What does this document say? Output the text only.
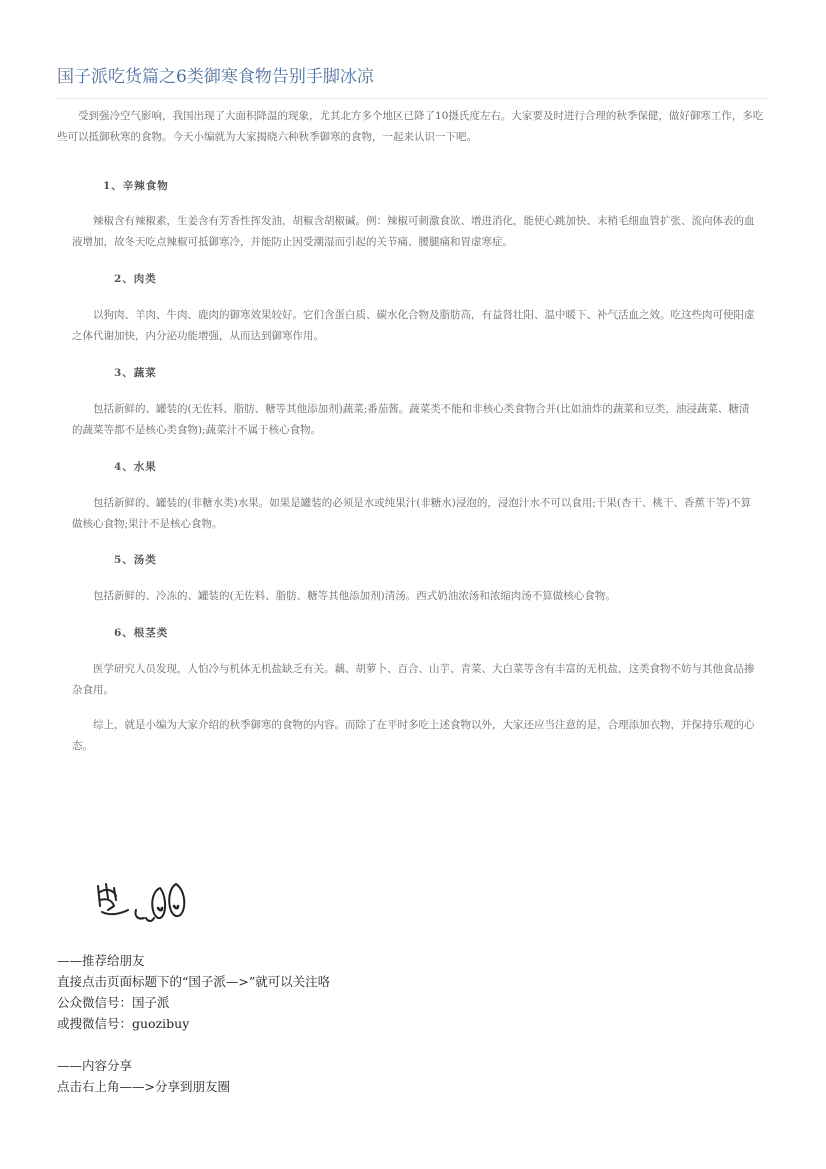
国子派吃货篇之6类御寒食物告别手脚冰凉

受到强冷空气影响，我国出现了大面积降温的现象，尤其北方多个地区已降了10摄氏度左右。大家要及时进行合理的秋季保健，做好御寒工作，多吃些可以抵御秋寒的食物。今天小编就为大家揭晓六种秋季御寒的食物，一起来认识一下吧。

1、辛辣食物

辣椒含有辣椒素，生姜含有芳香性挥发油，胡椒含胡椒碱。例：辣椒可刺激食欲、增进消化，能使心跳加快、末梢毛细血管扩张、流向体表的血液增加，故冬天吃点辣椒可抵御寒冷，并能防止因受潮湿而引起的关节痛、腰腿痛和胃虚寒症。

2、肉类

以狗肉、羊肉、牛肉、鹿肉的御寒效果较好。它们含蛋白质、碳水化合物及脂肪高，有益肾壮阳、温中暖下、补气活血之效。吃这些肉可使阳虚之体代谢加快，内分泌功能增强，从而达到御寒作用。

3、蔬菜

包括新鲜的、罐装的(无佐料、脂肪、糖等其他添加剂)蔬菜;番茄酱。蔬菜类不能和非核心类食物合并(比如油炸的蔬菜和豆类，油浸蔬菜、糖渍的蔬菜等都不是核心类食物);蔬菜汁不属于核心食物。

4、水果

包括新鲜的、罐装的(非糖水类)水果。如果是罐装的必须是水或纯果汁(非糖水)浸泡的，浸泡汁水不可以食用;干果(杏干、桃干、香蕉干等)不算做核心食物;果汁不是核心食物。

5、汤类

包括新鲜的、冷冻的、罐装的(无佐料、脂肪、糖等其他添加剂)清汤。西式奶油浓汤和浓缩肉汤不算做核心食物。

6、根茎类

医学研究人员发现，人怕冷与机体无机盐缺乏有关。藕、胡萝卜、百合、山芋、青菜、大白菜等含有丰富的无机盐，这类食物不妨与其他食品掺杂食用。

综上，就是小编为大家介绍的秋季御寒的食物的内容。而除了在平时多吃上述食物以外，大家还应当注意的是，合理添加衣物，并保持乐观的心态。

——推荐给朋友
直接点击页面标题下的“国子派—>”就可以关注咯
公众微信号：国子派
或搜微信号：guozibuy
——内容分享
点击右上角——>分享到朋友圈
